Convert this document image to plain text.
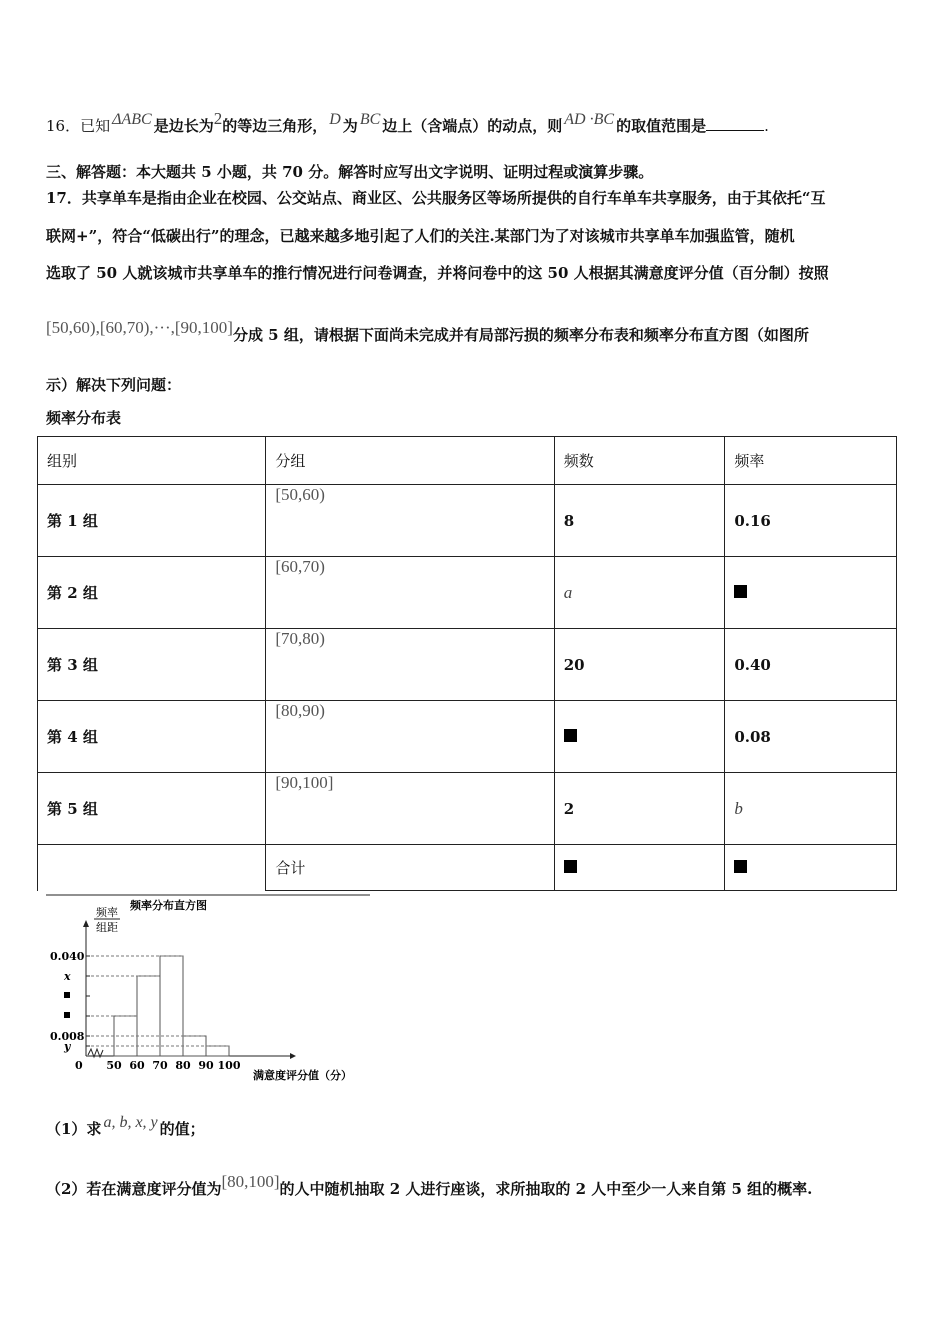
16．已知 ΔABC 是边长为2的等边三角形， D 为 BC 边上（含端点）的动点，则 AD ·BC 的取值范围是	.
三、解答题：本大题共 5 小题，共 70 分。解答时应写出文字说明、证明过程或演算步骤。
17．共享单车是指由企业在校园、公交站点、商业区、公共服务区等场所提供的自行车单车共享服务，由于其依托“互
联网+”，符合“低碳出行”的理念，已越来越多地引起了人们的关注.某部门为了对该城市共享单车加强监管，随机
选取了 50 人就该城市共享单车的推行情况进行问卷调查，并将问卷中的这 50 人根据其满意度评分值（百分制）按照
[50,60),[60,70),···,[90,100]分成 5 组，请根据下面尚未完成并有局部污损的频率分布表和频率分布直方图（如图所
示）解决下列问题：
频率分布表
组别	分组	频数	频率
第 1 组	[50,60)	8	0.16
第 2 组	[60,70)	a	
第 3 组	[70,80)	20	0.40
第 4 组	[80,90)		0.08
第 5 组	[90,100]	2	b
	合计		
频率分布直方图
频率
组距
0
0.040
x
0.008
y
50 60 70 80 90 100
满意度评分值（分）
（1）求 a, b, x, y 的值；
（2）若在满意度评分值为[80,100]的人中随机抽取 2 人进行座谈，求所抽取的 2 人中至少一人来自第 5 组的概率.
